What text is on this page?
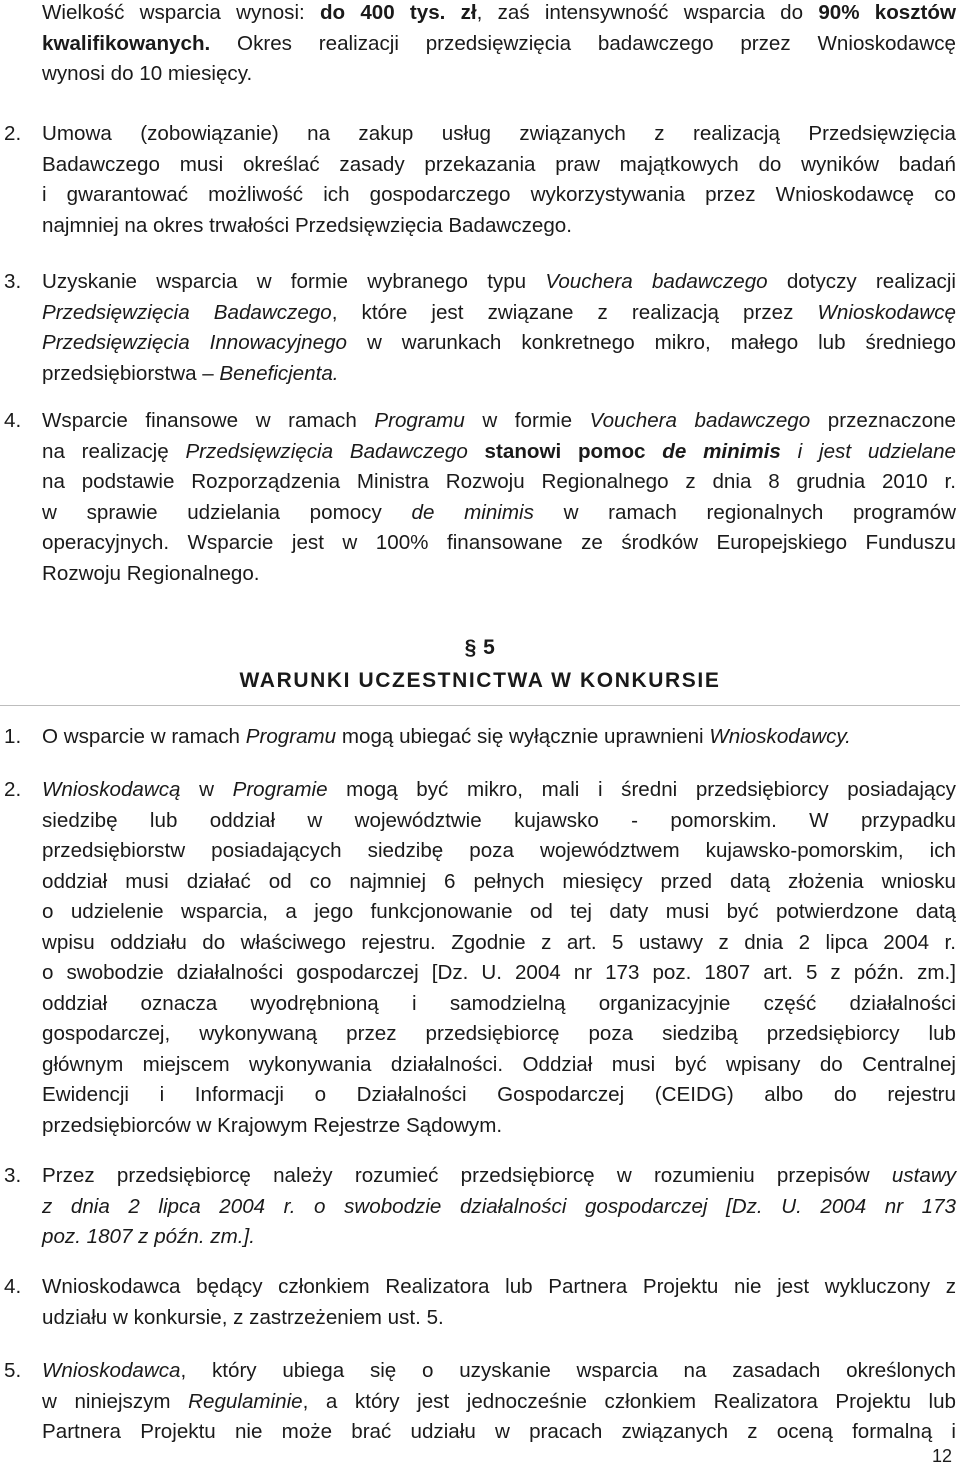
Wielkość wsparcia wynosi: do 400 tys. zł, zaś intensywność wsparcia do 90% kosztów
kwalifikowanych. Okres realizacji przedsięwzięcia badawczego przez Wnioskodawcę
wynosi do 10 miesięcy.
2. Umowa (zobowiązanie) na zakup usług związanych z realizacją Przedsięwzięcia
Badawczego musi określać zasady przekazania praw majątkowych do wyników badań
i gwarantować możliwość ich gospodarczego wykorzystywania przez Wnioskodawcę co
najmniej na okres trwałości Przedsięwzięcia Badawczego.
3. Uzyskanie wsparcia w formie wybranego typu Vouchera badawczego dotyczy realizacji
Przedsięwzięcia Badawczego, które jest związane z realizacją przez Wnioskodawcę
Przedsięwzięcia Innowacyjnego w warunkach konkretnego mikro, małego lub średniego
przedsiębiorstwa – Beneficjenta.
4. Wsparcie finansowe w ramach Programu w formie Vouchera badawczego przeznaczone
na realizację Przedsięwzięcia Badawczego stanowi pomoc de minimis i jest udzielane
na podstawie Rozporządzenia Ministra Rozwoju Regionalnego z dnia 8 grudnia 2010 r.
w sprawie udzielania pomocy de minimis w ramach regionalnych programów
operacyjnych. Wsparcie jest w 100% finansowane ze środków Europejskiego Funduszu
Rozwoju Regionalnego.
§ 5
WARUNKI UCZESTNICTWA W KONKURSIE
1. O wsparcie w ramach Programu mogą ubiegać się wyłącznie uprawnieni Wnioskodawcy.
2. Wnioskodawcą w Programie mogą być mikro, mali i średni przedsiębiorcy posiadający
siedzibę lub oddział w województwie kujawsko - pomorskim. W przypadku
przedsiębiorstw posiadających siedzibę poza województwem kujawsko-pomorskim, ich
oddział musi działać od co najmniej 6 pełnych miesięcy przed datą złożenia wniosku
o udzielenie wsparcia, a jego funkcjonowanie od tej daty musi być potwierdzone datą
wpisu oddziału do właściwego rejestru. Zgodnie z art. 5 ustawy z dnia 2 lipca 2004 r.
o swobodzie działalności gospodarczej [Dz. U. 2004 nr 173 poz. 1807 art. 5 z późn. zm.]
oddział oznacza wyodrębnioną i samodzielną organizacyjnie część działalności
gospodarczej, wykonywaną przez przedsiębiorcę poza siedzibą przedsiębiorcy lub
głównym miejscem wykonywania działalności. Oddział musi być wpisany do Centralnej
Ewidencji i Informacji o Działalności Gospodarczej (CEIDG) albo do rejestru
przedsiębiorców w Krajowym Rejestrze Sądowym.
3. Przez przedsiębiorcę należy rozumieć przedsiębiorcę w rozumieniu przepisów ustawy
z dnia 2 lipca 2004 r. o swobodzie działalności gospodarczej [Dz. U. 2004 nr 173
poz. 1807 z późn. zm.].
4. Wnioskodawca będący członkiem Realizatora lub Partnera Projektu nie jest wykluczony z
udziału w konkursie, z zastrzeżeniem ust. 5.
5. Wnioskodawca, który ubiega się o uzyskanie wsparcia na zasadach określonych
w niniejszym Regulaminie, a który jest jednocześnie członkiem Realizatora Projektu lub
Partnera Projektu nie może brać udziału w pracach związanych z oceną formalną i
12
